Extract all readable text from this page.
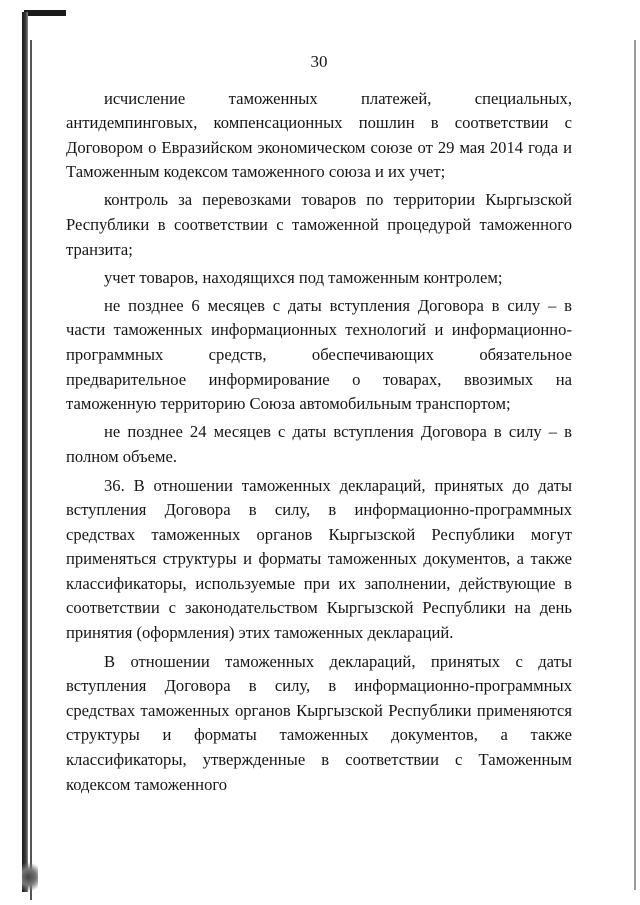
30

исчисление таможенных платежей, специальных, антидемпинговых, компенсационных пошлин в соответствии с Договором о Евразийском экономическом союзе от 29 мая 2014 года и Таможенным кодексом таможенного союза и их учет;

контроль за перевозками товаров по территории Кыргызской Республики в соответствии с таможенной процедурой таможенного транзита;

учет товаров, находящихся под таможенным контролем;

не позднее 6 месяцев с даты вступления Договора в силу – в части таможенных информационных технологий и информационно-программных средств, обеспечивающих обязательное предварительное информирование о товарах, ввозимых на таможенную территорию Союза автомобильным транспортом;

не позднее 24 месяцев с даты вступления Договора в силу – в полном объеме.

36. В отношении таможенных деклараций, принятых до даты вступления Договора в силу, в информационно-программных средствах таможенных органов Кыргызской Республики могут применяться структуры и форматы таможенных документов, а также классификаторы, используемые при их заполнении, действующие в соответствии с законодательством Кыргызской Республики на день принятия (оформления) этих таможенных деклараций.

В отношении таможенных деклараций, принятых с даты вступления Договора в силу, в информационно-программных средствах таможенных органов Кыргызской Республики применяются структуры и форматы таможенных документов, а также классификаторы, утвержденные в соответствии с Таможенным кодексом таможенного
